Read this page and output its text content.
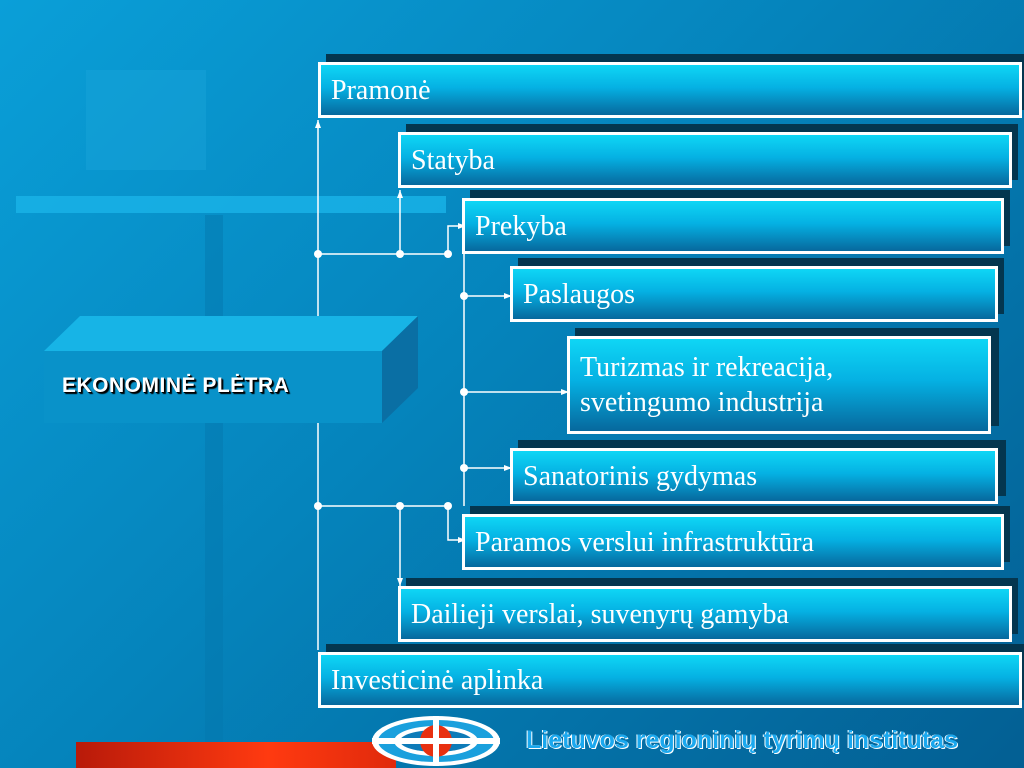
EKONOMINĖ PLĖTRA
Pramonė
Statyba
Prekyba
Paslaugos
Turizmas ir rekreacija,
svetingumo industrija
Sanatorinis gydymas
Paramos verslui infrastruktūra
Dailieji verslai, suvenyrų gamyba
Investicinė aplinka
Lietuvos regioninių tyrimų institutas
